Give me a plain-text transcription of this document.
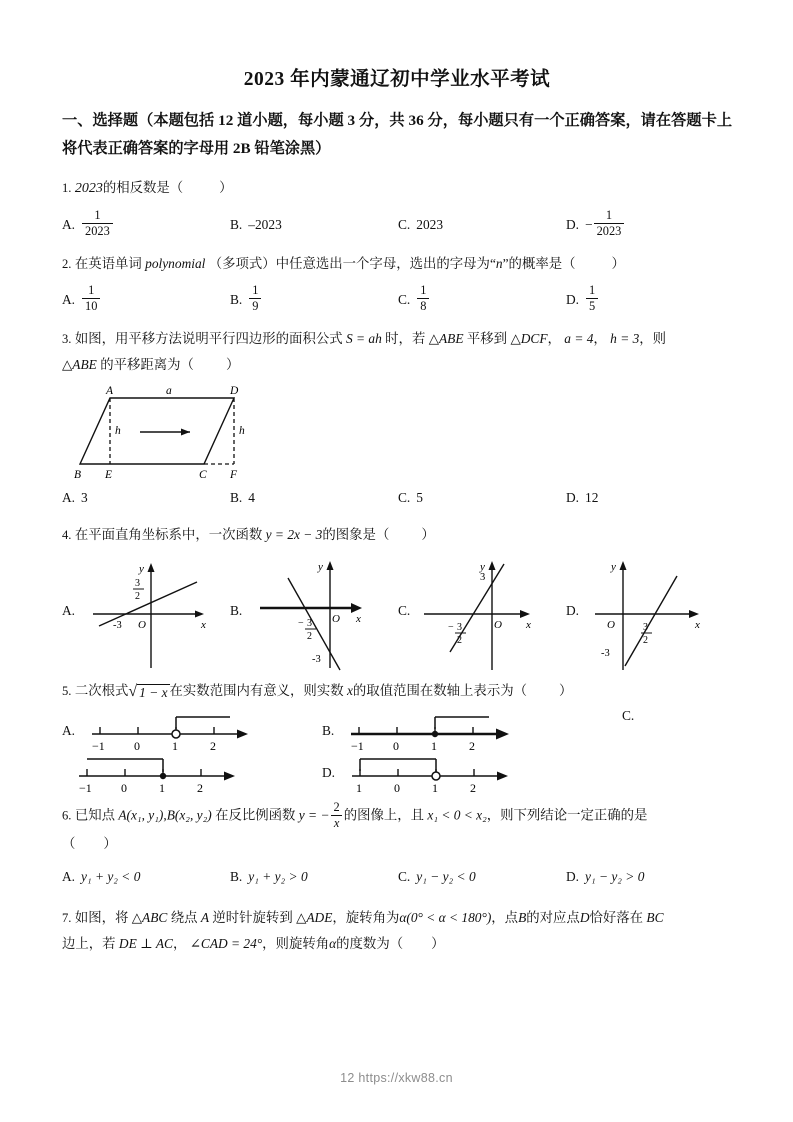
2023 年内蒙通辽初中学业水平考试
一、选择题（本题包括 12 道小题，每小题 3 分，共 36 分，每小题只有一个正确答案，请在答题卡上将代表正确答案的字母用 2B 铅笔涂黑）
1. 2023的相反数是（	）
A. $\frac{1}{2023}$	B. –2023	C. 2023	D. − $\frac{1}{2023}$
2. 在英语单词 polynomial （多项式）中任意选出一个字母，选出的字母为“n”的概率是（	）
A. $\frac{1}{10}$	B. $\frac{1}{9}$	C. $\frac{1}{8}$	D. $\frac{1}{5}$
3. 如图，用平移方法说明平行四边形的面积公式 S = ah 时，若 △ABE 平移到 △DCF， a = 4， h = 3，则
△ABE 的平移距离为（ ）
A	a	D
h	h
B E	C F
A. 3	B. 4	C. 5	D. 12
4. 在平面直角坐标系中，一次函数 y = 2x − 3的图象是（ ）
A.
y
x
O
-3
3
2
B.
y
x
O
− 3
2
-3
C.
y
x
O
3
− 3
2
D.
y
x
O	3
2
-3
5. 二次根式 √ 1 − x 在实数范围内有意义，则实数 x的取值范围在数轴上表示为（ ）
A.
−1 0	1	2
B.
−1 0	1	2
C.
−1 0	1	2
D.
1	0	1	2
6. 已知点 A(x₁, y₁),B(x₂, y₂) 在反比例函数 y = − $\frac{2}{x}$ 的图像上，且 x₁ < 0 < x₂，则下列结论一定正确的是
（ ）
A. y₁ + y₂ < 0	B. y₁ + y₂ > 0	C. y₁ − y₂ < 0	D. y₁ − y₂ > 0
7. 如图，将 △ABC 绕点 A 逆时针旋转到 △ADE，旋转角为α(0° < α < 180°)，点B的对应点D恰好落在 BC
边上，若 DE ⊥ AC， ∠CAD = 24°，则旋转角α的度数为（ ）
12 https://xkw88.cn
